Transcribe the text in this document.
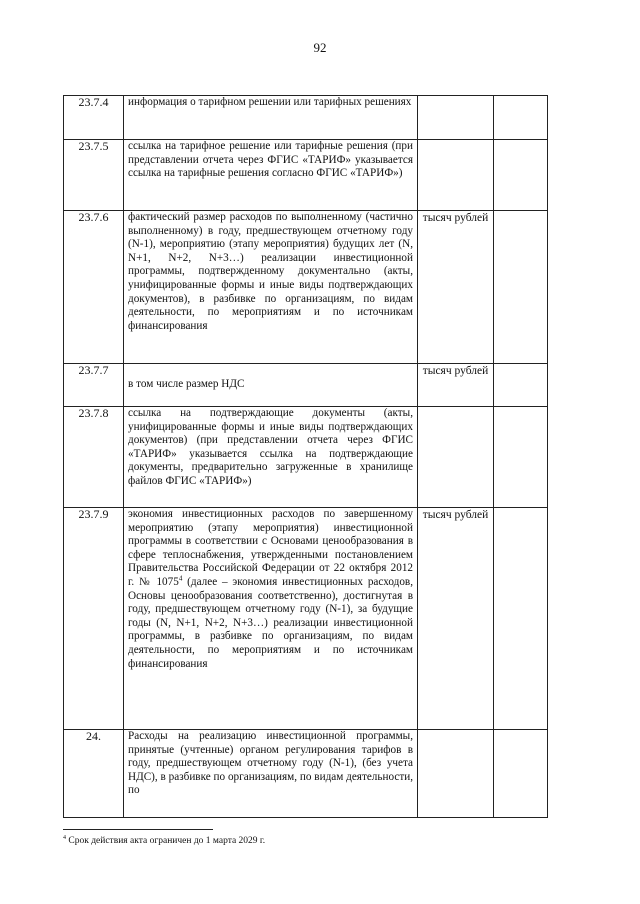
92
23.7.4	информация о тарифном решении или тарифных решениях		
23.7.5	ссылка на тарифное решение или тарифные решения (при представлении отчета через ФГИС «ТАРИФ» указывается ссылка на тарифные решения согласно ФГИС «ТАРИФ»)		
23.7.6	фактический размер расходов по выполненному (частично выполненному) в году, предшествующем отчетному году (N-1), мероприятию (этапу мероприятия) будущих лет (N, N+1, N+2, N+3…) реализации инвестиционной программы, подтвержденному документально (акты, унифицированные формы и иные виды подтверждающих документов), в разбивке по организациям, по видам деятельности, по мероприятиям и по источникам финансирования	тысяч рублей	
23.7.7	в том числе размер НДС	тысяч рублей	
23.7.8	ссылка на подтверждающие документы (акты, унифицированные формы и иные виды подтверждающих документов) (при представлении отчета через ФГИС «ТАРИФ» указывается ссылка на подтверждающие документы, предварительно загруженные в хранилище файлов ФГИС «ТАРИФ»)		
23.7.9	экономия инвестиционных расходов по завершенному мероприятию (этапу мероприятия) инвестиционной программы в соответствии с Основами ценообразования в сфере теплоснабжения, утвержденными постановлением Правительства Российской Федерации от 22 октября 2012 г. № 1075$^4$ (далее – экономия инвестиционных расходов, Основы ценообразования соответственно), достигнутая в году, предшествующем отчетному году (N-1), за будущие годы (N, N+1, N+2, N+3…) реализации инвестиционной программы, в разбивке по организациям, по видам деятельности, по мероприятиям и по источникам финансирования	тысяч рублей	
24.	Расходы на реализацию инвестиционной программы, принятые (учтенные) органом регулирования тарифов в году, предшествующем отчетному году (N-1), (без учета НДС), в разбивке по организациям, по видам деятельности, по		
$^4$ Срок действия акта ограничен до 1 марта 2029 г.
